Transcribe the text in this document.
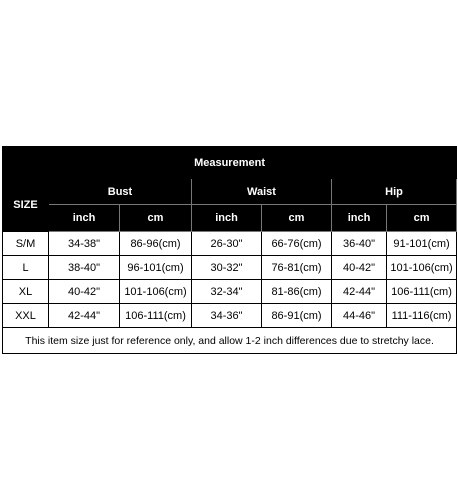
Measurement						
SIZE	Bust		Waist		Hip	
	inch	cm	inch	cm	inch	cm
S/M	34-38"	86-96(cm)	26-30"	66-76(cm)	36-40"	91-101(cm)
L	38-40"	96-101(cm)	30-32"	76-81(cm)	40-42"	101-106(cm)
XL	40-42"	101-106(cm)	32-34"	81-86(cm)	42-44"	106-111(cm)
XXL	42-44"	106-111(cm)	34-36"	86-91(cm)	44-46"	111-116(cm)
This item size just for reference only, and allow 1-2 inch differences due to stretchy lace.						
